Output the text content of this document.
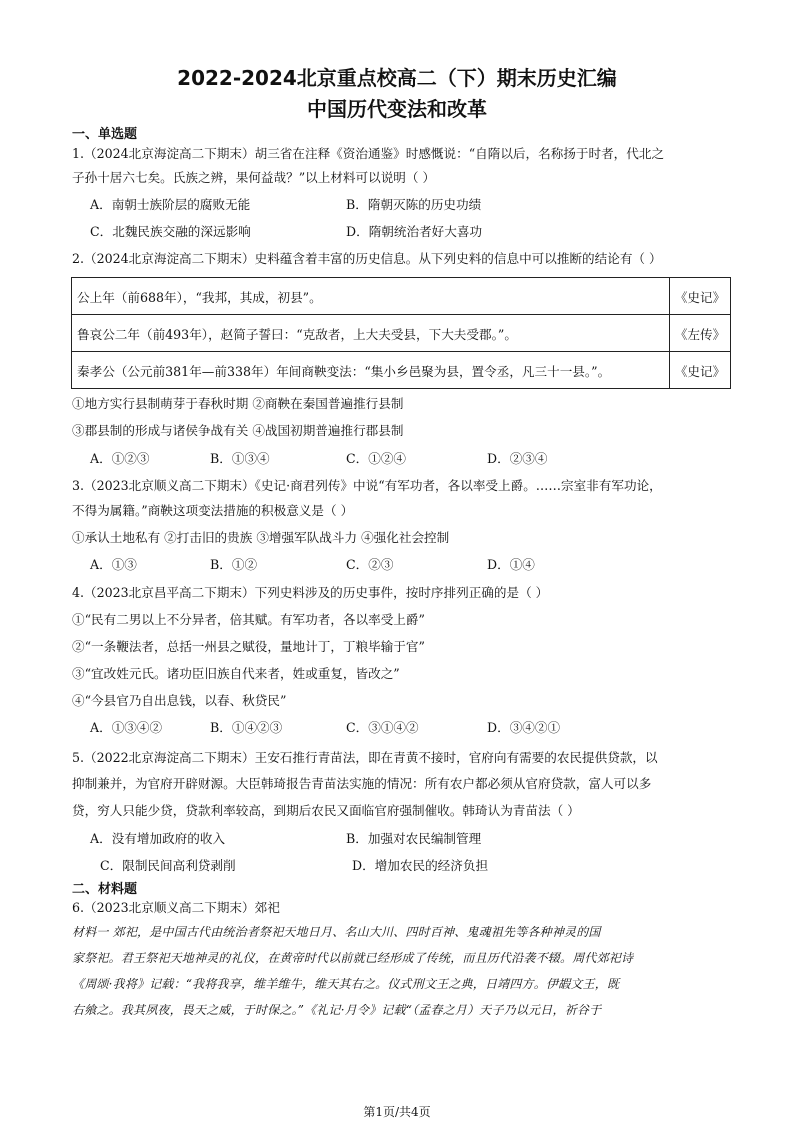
2022-2024北京重点校高二（下）期末历史汇编
中国历代变法和改革
一、单选题
1.（2024北京海淀高二下期末）胡三省在注释《资治通鉴》时感慨说：“自隋以后，名称扬于时者，代北之
子孙十居六七矣。氏族之辨，果何益哉？”以上材料可以说明（ ）
A．南朝士族阶层的腐败无能	B．隋朝灭陈的历史功绩
C．北魏民族交融的深远影响	D．隋朝统治者好大喜功
2.（2024北京海淀高二下期末）史料蕴含着丰富的历史信息。从下列史料的信息中可以推断的结论有（ ）
公上年（前688年），“我邦，其成，初县”。	《史记》
鲁哀公二年（前493年），赵简子誓曰：“克敌者，上大夫受县，下大夫受郡。”。	《左传》
秦孝公（公元前381年—前338年）年间商鞅变法：“集小乡邑聚为县，置令丞，凡三十一县。”。	《史记》
①地方实行县制萌芽于春秋时期 ②商鞅在秦国普遍推行县制
③郡县制的形成与诸侯争战有关 ④战国初期普遍推行郡县制
A．①②③	B．①③④	C．①②④	D．②③④
3.（2023北京顺义高二下期末）《史记·商君列传》中说“有军功者，各以率受上爵。……宗室非有军功论，
不得为属籍。”商鞅这项变法措施的积极意义是（ ）
①承认土地私有 ②打击旧的贵族 ③增强军队战斗力 ④强化社会控制
A．①③	B．①②	C．②③	D．①④
4.（2023北京昌平高二下期末）下列史料涉及的历史事件，按时序排列正确的是（ ）
①“民有二男以上不分异者，倍其赋。有军功者，各以率受上爵”
②“一条鞭法者，总括一州县之赋役，量地计丁，丁粮毕输于官”
③“宜改姓元氏。诸功臣旧族自代来者，姓或重复，皆改之”
④“今县官乃自出息钱，以春、秋贷民”
A．①③④②	B．①④②③	C．③①④②	D．③④②①
5.（2022北京海淀高二下期末）王安石推行青苗法，即在青黄不接时，官府向有需要的农民提供贷款，以
抑制兼并，为官府开辟财源。大臣韩琦报告青苗法实施的情况：所有农户都必须从官府贷款，富人可以多
贷，穷人只能少贷，贷款利率较高，到期后农民又面临官府强制催收。韩琦认为青苗法（ ）
A．没有增加政府的收入	B．加强对农民编制管理
C．限制民间高利贷剥削	D．增加农民的经济负担
二、材料题
6.（2023北京顺义高二下期末）郊祀
材料一 郊祀，是中国古代由统治者祭祀天地日月、名山大川、四时百神、鬼魂祖先等各种神灵的国
家祭祀。君王祭祀天地神灵的礼仪，在黄帝时代以前就已经形成了传统，而且历代沿袭不辍。周代郊祀诗
《周颂·我将》记载：“我将我享，维羊维牛，维天其右之。仪式刑文王之典，日靖四方。伊嘏文王，既
右飨之。我其夙夜，畏天之威，于时保之。”《礼记·月令》记载“（孟春之月）天子乃以元日，祈谷于
第1页/共4页
